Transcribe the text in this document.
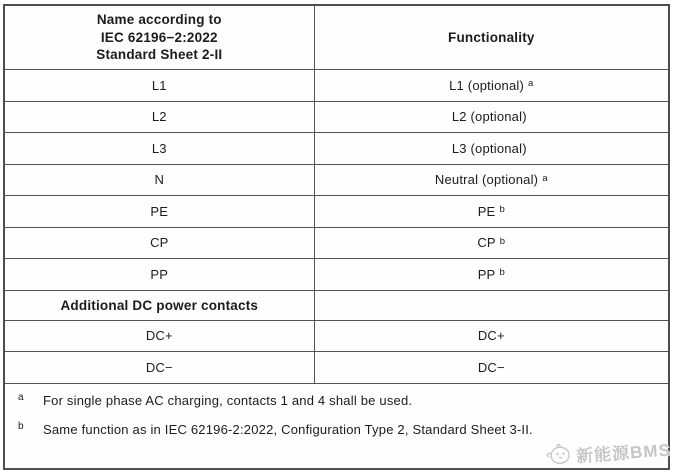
Name according to
IEC 62196−2:2022
Standard Sheet 2-II
Functionality
L1	L1 (optional) $^a$
L2	L2 (optional)
L3	L3 (optional)
N	Neutral (optional) $^a$
PE	PE $^b$
CP	CP $^b$
PP	PP $^b$
Additional DC power contacts
DC+	DC+
DC−	DC−
a	For single phase AC charging, contacts 1 and 4 shall be used.
b	Same function as in IEC 62196-2:2022, Configuration Type 2, Standard Sheet 3-II.
新能源BMS
